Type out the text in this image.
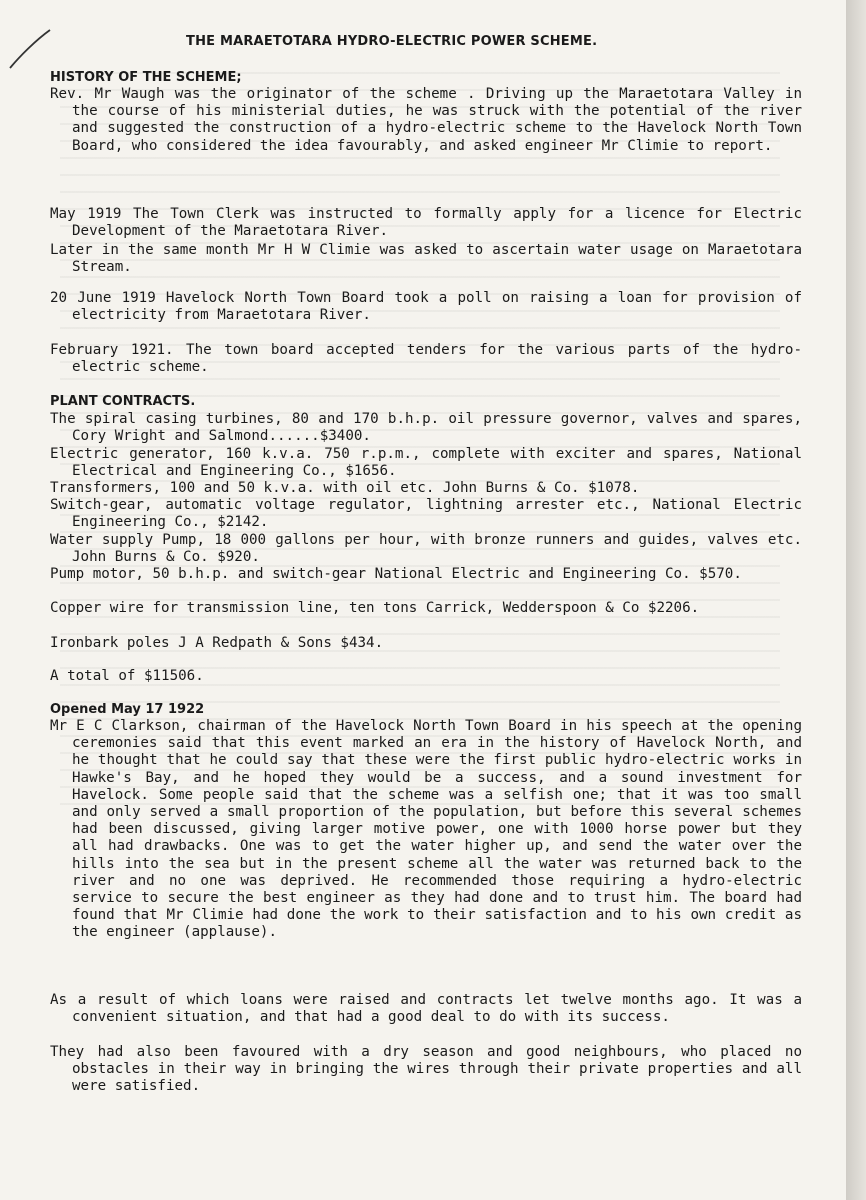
THE MARAETOTARA HYDRO-ELECTRIC POWER SCHEME.
HISTORY OF THE SCHEME;
Rev. Mr Waugh was the originator of the scheme . Driving up the Maraetotara Valley in the course of his ministerial duties, he was struck with the potential of the river and suggested the construction of a hydro-electric scheme to the Havelock North Town Board, who considered the idea favourably, and asked engineer Mr Climie to report.
May 1919 The Town Clerk was instructed to formally apply for a licence for Electric Development of the Maraetotara River.
Later in the same month Mr H W Climie was asked to ascertain water usage on Maraetotara Stream.
20 June 1919 Havelock North Town Board took a poll on raising a loan for provision of electricity from Maraetotara River.
February 1921. The town board accepted tenders for the various parts of the hydro-electric scheme.
PLANT CONTRACTS.
The spiral casing turbines, 80 and 170 b.h.p. oil pressure governor, valves and spares, Cory Wright and Salmond......$3400.
Electric generator, 160 k.v.a. 750 r.p.m., complete with exciter and spares, National Electrical and Engineering Co., $1656.
Transformers, 100 and 50 k.v.a. with oil etc. John Burns & Co. $1078.
Switch-gear, automatic voltage regulator, lightning arrester etc., National Electric Engineering Co., $2142.
Water supply Pump, 18 000 gallons per hour, with bronze runners and guides, valves etc. John Burns & Co. $920.
Pump motor, 50 b.h.p. and switch-gear National Electric and Engineering Co. $570.
Copper wire for transmission line, ten tons Carrick, Wedderspoon & Co $2206.
Ironbark poles J A Redpath & Sons $434.
A total of $11506.
Opened May 17 1922
Mr E C Clarkson, chairman of the Havelock North Town Board in his speech at the opening ceremonies said that this event marked an era in the history of Havelock North, and he thought that he could say that these were the first public hydro-electric works in Hawke's Bay, and he hoped they would be a success, and a sound investment for Havelock. Some people said that the scheme was a selfish one; that it was too small and only served a small proportion of the population, but before this several schemes had been discussed, giving larger motive power, one with 1000 horse power but they all had drawbacks. One was to get the water higher up, and send the water over the hills into the sea but in the present scheme all the water was returned back to the river and no one was deprived. He recommended those requiring a hydro-electric service to secure the best engineer as they had done and to trust him. The board had found that Mr Climie had done the work to their satisfaction and to his own credit as the engineer (applause).
As a result of which loans were raised and contracts let twelve months ago. It was a convenient situation, and that had a good deal to do with its success.
They had also been favoured with a dry season and good neighbours, who placed no obstacles in their way in bringing the wires through their private properties and all were satisfied.
